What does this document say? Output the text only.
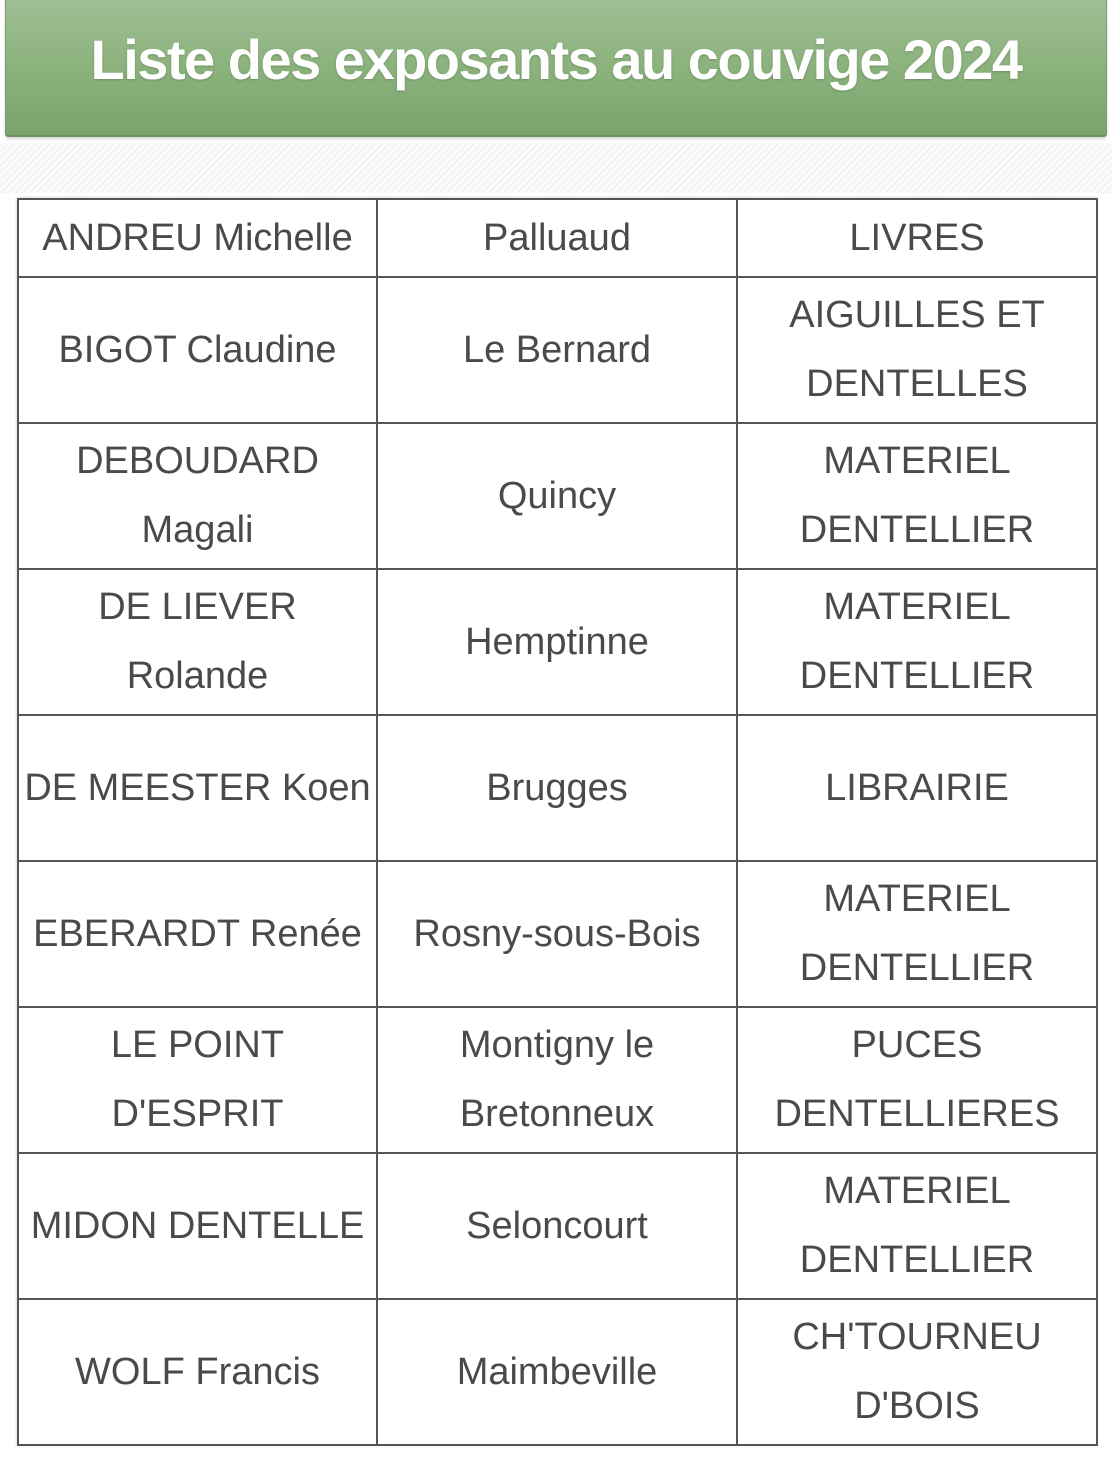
Liste des exposants au couvige 2024
ANDREU Michelle	Palluaud	LIVRES
BIGOT Claudine	Le Bernard	AIGUILLES ET DENTELLES
DEBOUDARD Magali	Quincy	MATERIEL DENTELLIER
DE LIEVER Rolande	Hemptinne	MATERIEL DENTELLIER
DE MEESTER Koen	Brugges	LIBRAIRIE
EBERARDT Renée	Rosny-sous-Bois	MATERIEL DENTELLIER
LE POINT D'ESPRIT	Montigny le Bretonneux	PUCES DENTELLIERES
MIDON DENTELLE	Seloncourt	MATERIEL DENTELLIER
WOLF Francis	Maimbeville	CH'TOURNEU D'BOIS
